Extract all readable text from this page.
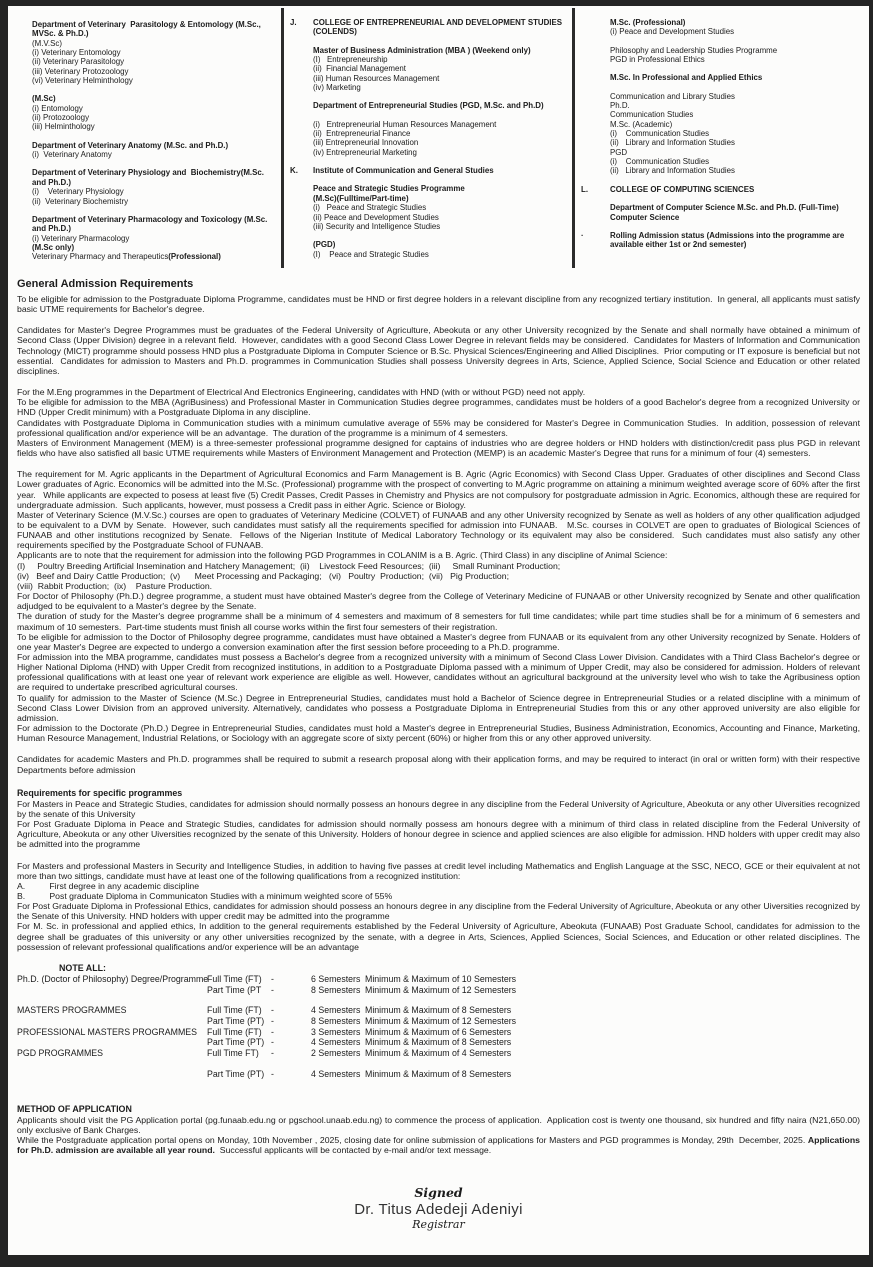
Department of Veterinary  Parasitology & Entomology (M.Sc., MVSc. & Ph.D.)
(M.V.Sc)
(i) Veterinary Entomology
(ii) Veterinary Parasitology
(iii) Veterinary Protozoology
(vi) Veterinary Helminthology
(M.Sc)
(i) Entomology
(ii) Protozoology
(iii) Helminthology
Department of Veterinary Anatomy (M.Sc. and Ph.D.)
(i)  Veterinary Anatomy
Department of Veterinary Physiology and  Biochemistry(M.Sc. and Ph.D.)
(i)    Veterinary Physiology
(ii)  Veterinary Biochemistry
Department of Veterinary Pharmacology and Toxicology (M.Sc. and Ph.D.)
(i) Veterinary Pharmacology
(M.Sc only)
Veterinary Pharmacy and Therapeutics(Professional)
J. COLLEGE OF ENTREPRENEURIAL AND DEVELOPMENT STUDIES (COLENDS)
Master of Business Administration (MBA ) (Weekend only)
(I)   Entrepreneurship
(ii)  Financial Management
(iii) Human Resources Management
(iv) Marketing
Department of Entrepreneurial Studies (PGD, M.Sc. and Ph.D)
(i)   Entrepreneurial Human Resources Management
(ii)  Entrepreneurial Finance
(iii) Entrepreneurial Innovation
(iv) Entrepreneurial Marketing
K. Institute of Communication and General Studies
Peace and Strategic Studies Programme
(M.Sc)(Fulltime/Part-time)
(i)   Peace and Strategic Studies
(ii) Peace and Development Studies
(iii) Security and Intelligence Studies
(PGD)
(I)    Peace and Strategic Studies
M.Sc. (Professional)
(i) Peace and Development Studies
Philosophy and Leadership Studies Programme
PGD in Professional Ethics
M.Sc. In Professional and Applied Ethics
Communication and Library Studies
Ph.D.
Communication Studies
M.Sc. (Academic)
(i)    Communication Studies
(ii)   Library and Information Studies
PGD
(i)    Communication Studies
(ii)   Library and Information Studies
L.	COLLEGE OF COMPUTING SCIENCES
Department of Computer Science M.Sc. and Ph.D. (Full-Time) Computer Science
·	Rolling Admission status (Admissions into the programme are available either 1st or 2nd semester)
General Admission Requirements
To be eligible for admission to the Postgraduate Diploma Programme, candidates must be HND or first degree holders in a relevant discipline from any recognized tertiary institution.  In general, all applicants must satisfy basic UTME requirements for Bachelor's degree.
Candidates for Master's Degree Programmes must be graduates of the Federal University of Agriculture, Abeokuta or any other University recognized by the Senate and shall normally have obtained a minimum of Second Class (Upper Division) degree in a relevant field.  However, candidates with a good Second Class Lower Degree in relevant fields may be considered.  Candidates for Masters of Information and Communication Technology (MICT) programme should possess HND plus a Postgraduate Diploma in Computer Science or B.Sc. Physical Sciences/Engineering and Allied Disciplines.  Prior computing or IT exposure is beneficial but not essential.  Candidates for admission to Masters and Ph.D. programmes in Communication Studies shall possess University degrees in Arts, Science, Applied Science, Social Science and Education or other related disciplines.
For the M.Eng programmes in the Department of Electrical And Electronics Engineering, candidates with HND (with or without PGD) need not apply.
To be eligible for admission to the MBA (AgriBusiness) and Professional Master in Communication Studies degree programmes, candidates must be holders of a good Bachelor's degree from a recognized University or HND (Upper Credit minimum) with a Postgraduate Diploma in any discipline.
Candidates with Postgraduate Diploma in Communication studies with a minimum cumulative average of 55% may be considered for Master's Degree in Communication Studies.  In addition, possession of relevant professional qualification and/or experience will be an advantage.  The duration of the programme is a minimum of 4 semesters.
Masters of Environment Management (MEM) is a three-semester professional programme designed for captains of industries who are degree holders or HND holders with distinction/credit pass plus PGD in relevant fields who have also satisfied all basic UTME requirements while Masters of Environment Management and Protection (MEMP) is an academic Master's Degree that runs for a minimum of four (4) semesters.
The requirement for M. Agric applicants in the Department of Agricultural Economics and Farm Management is B. Agric (Agric Economics) with Second Class Upper. Graduates of other disciplines and Second Class Lower graduates of Agric. Economics will be admitted into the M.Sc. (Professional) programme with the prospect of converting to M.Agric programme on attaining a minimum weighted average score of 60% after the first year.   While applicants are expected to posess at least five (5) Credit Passes, Credit Passes in Chemistry and Physics are not compulsory for postgraduate admission in Agric. Economics, although these are required for undergraduate admission.  Such applicants, however, must possess a Credit pass in either Agric. Science or Biology.
Master of Veterinary Science (M.V.Sc.) courses are open to graduates of Veterinary Medicine (COLVET) of FUNAAB and any other University recognized by Senate as well as holders of any other qualification adjudged to be equivalent to a DVM by Senate.  However, such candidates must satisfy all the requirements specified for admission into FUNAAB.   M.Sc. courses in COLVET are open to graduates of Biological Sciences of FUNAAB and other institutions recognized by Senate.  Fellows of the Nigerian Institute of Medical Laboratory Technology or its equivalent may also be considered.  Such candidates must also satisfy any other requirements specified by the Postgraduate School of FUNAAB.
Applicants are to note that the requirement for admission into the following PGD Programmes in COLANIM is a B. Agric. (Third Class) in any discipline of Animal Science:
(I)     Poultry Breeding Artificial Insemination and Hatchery Management;  (ii)    Livestock Feed Resources;  (iii)     Small Ruminant Production;
(iv)   Beef and Dairy Cattle Production;  (v)      Meet Processing and Packaging;   (vi)   Poultry  Production;  (vii)   Pig Production;
(viii)  Rabbit Production;  (ix)    Pasture Production.
For Doctor of Philosophy (Ph.D.) degree programme, a student must have obtained Master's degree from the College of Veterinary Medicine of FUNAAB or other University recognized by Senate and other qualification adjudged to be equivalent to a Master's degree by the Senate.
The duration of study for the Master's degree programme shall be a minimum of 4 semesters and maximum of 8 semesters for full time candidates; while part time studies shall be for a minimum of 6 semesters and maximum of 10 semesters.  Part-time students must finish all course works within the first four semesters of their registration.
To be eligible for admission to the Doctor of Philosophy degree programme, candidates must have obtained a Master's degree from FUNAAB or its equivalent from any other University recognized by Senate. Holders of one year Master's Degree are expected to undergo a conversion examination after the first session before proceeding to a Ph.D. programme.
For admission into the MBA programme, candidates must possess a Bachelor's degree from a recognized university with a minimum of Second Class Lower Division. Candidates with a Third Class Bachelor's degree or Higher National Diploma (HND) with Upper Credit from recognized institutions, in addition to a Postgraduate Diploma passed with a minimum of Upper Credit, may also be considered for admission. Holders of relevant professional qualifications with at least one year of relevant work experience are eligible as well. However, candidates without an agricultural background at the university level who wish to take the Agribusiness option are required to undertake prescribed agricultural courses.
To qualify for admission to the Master of Science (M.Sc.) Degree in Entrepreneurial Studies, candidates must hold a Bachelor of Science degree in Entrepreneurial Studies or a related discipline with a minimum of Second Class Lower Division from an approved university. Alternatively, candidates who possess a Postgraduate Diploma in Entrepreneurial Studies from this or any other approved university are also eligible for admission.
For admission to the Doctorate (Ph.D.) Degree in Entrepreneurial Studies, candidates must hold a Master's degree in Entrepreneurial Studies, Business Administration, Economics, Accounting and Finance, Marketing, Human Resource Management, Industrial Relations, or Sociology with an aggregate score of sixty percent (60%) or higher from this or any other approved university.
Candidates for academic Masters and Ph.D. programmes shall be required to submit a research proposal along with their application forms, and may be required to interact (in oral or written form) with their respective Departments before admission
Requirements for specific programmes
For Masters in Peace and Strategic Studies, candidates for admission should normally possess an honours degree in any discipline from the Federal University of Agriculture, Abeokuta or any other Uiversities recognized by the senate of this University
For Post Graduate Diploma in Peace and Strategic Studies, candidates for admission should normally possess am honours degree with a minimum of third class in related discipline from the Federal University of Agriculture, Abeokuta or any other Uiversities recognized by the senate of this University. Holders of honour degree in science and applied sciences are also eligible for admission. HND holders with upper credit may also be admitted into the programme
For Masters and professional Masters in Security and Intelligence Studies, in addition to having five passes at credit level including Mathematics and English Language at the SSC, NECO, GCE or their equivalent at not more than two sittings, candidate must have at least one of the following qualifications from a recognized institution:
A.          First degree in any academic discipline
B.          Post graduate Diploma in Communicaton Studies with a minimum weighted score of 55%
For Post Graduate Diploma in Professional Ethics, candidates for admission should possess an honours degree in any discipline from the Federal University of Agriculture, Abeokuta or any other Uiversities recognized by the Senate of this University. HND holders with upper credit may be admitted into the programme
For M. Sc. in professional and applied ethics, In addition to the general requirements established by the Federal University of Agriculture, Abeokuta (FUNAAB) Post Graduate School, candidates for admission to the degree shall be graduates of this university or any other universities recognized by the senate, with a degree in Arts, Sciences, Applied Sciences, Social Sciences, and Education or other related disciplines. The possession of relevant professional qualifications and/or experience will be an advantage
NOTE ALL:
Ph.D. (Doctor of Philosophy) Degree/Programme
Full Time (FT)	-	6 Semesters Minimum & Maximum of 10 Semesters
Part Time (PT	-	8 Semesters Minimum & Maximum of 12 Semesters
MASTERS PROGRAMMES	Full Time (FT)	-	4 Semesters Minimum & Maximum of 8 Semesters
Part Time (PT) -	8 Semesters Minimum & Maximum of 12 Semesters
PROFESSIONAL MASTERS PROGRAMMES	Full Time (FT)	-	3 Semesters Minimum & Maximum of 6 Semesters
Part Time (PT) -	4 Semesters Minimum & Maximum of 8 Semesters
PGD PROGRAMMES	Full Time FT)	-	2 Semesters Minimum & Maximum of 4 Semesters
Part Time (PT) -	4 Semesters Minimum & Maximum of 8 Semesters
METHOD OF APPLICATION
Applicants should visit the PG Application portal (pg.funaab.edu.ng or pgschool.unaab.edu.ng) to commence the process of application.  Application cost is twenty one thousand, six hundred and fifty naira (N21,650.00) only exclusive of Bank Charges.
While the Postgraduate application portal opens on Monday, 10th November , 2025, closing date for online submission of applications for Masters and PGD programmes is Monday, 29th  December, 2025. Applications for Ph.D. admission are available all year round.  Successful applicants will be contacted by e-mail and/or text message.
Signed
Dr. Titus Adedeji Adeniyi
Registrar
